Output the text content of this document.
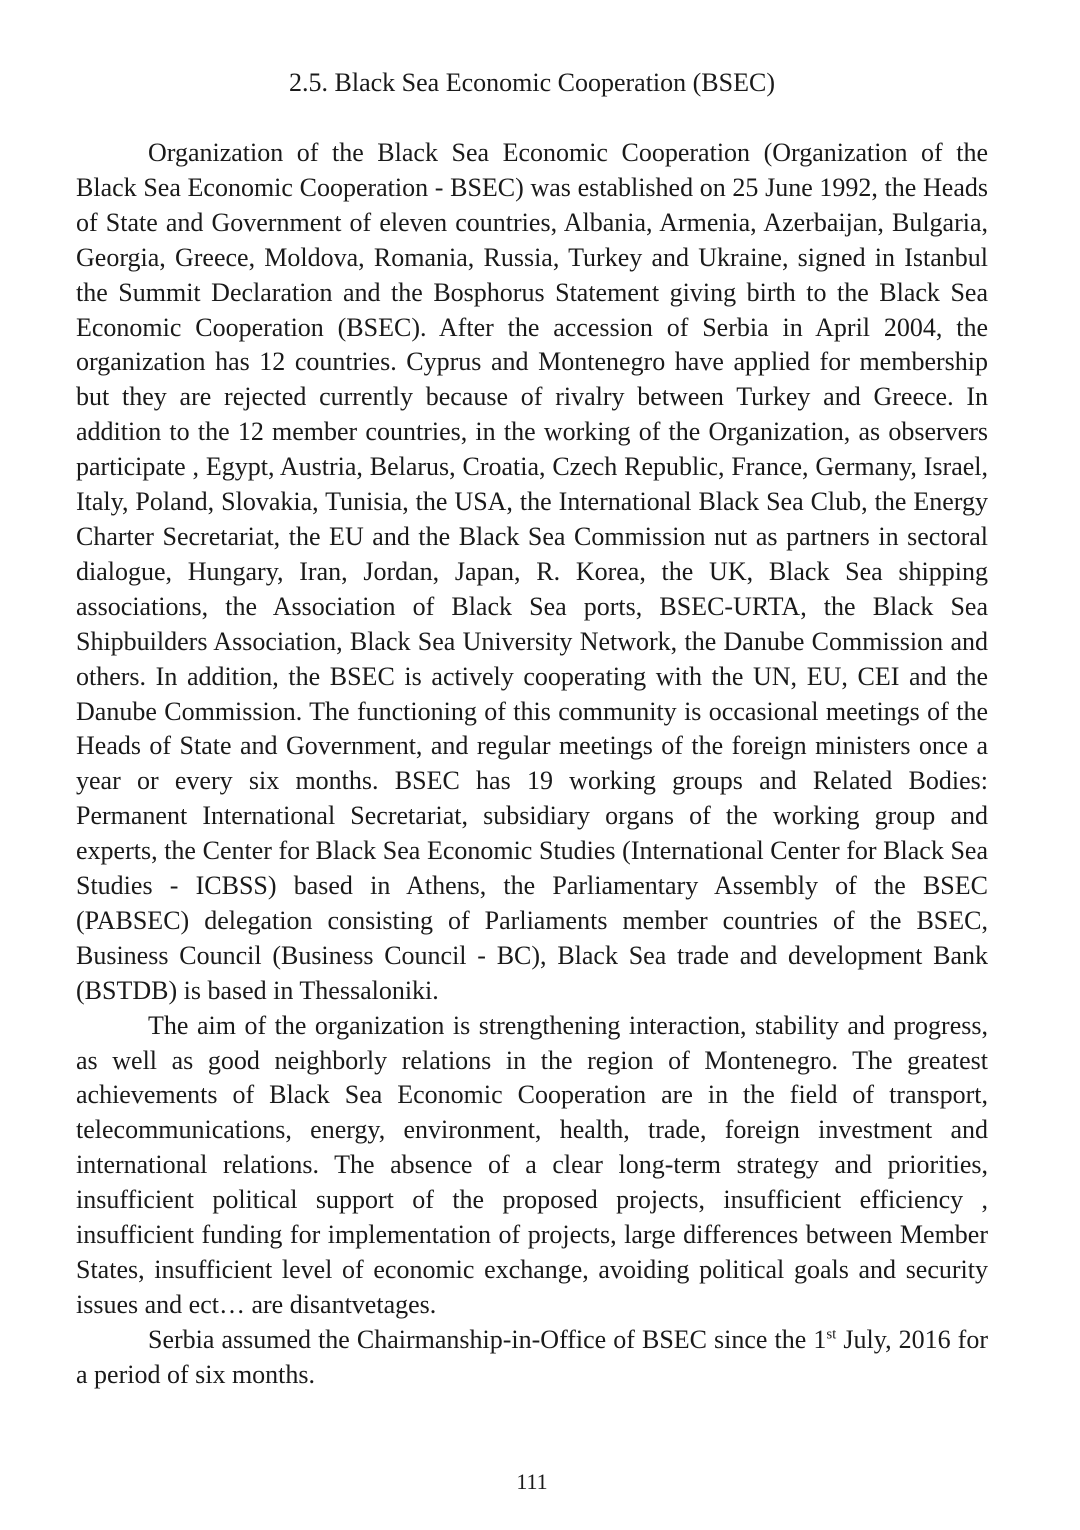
2.5. Black Sea Economic Cooperation (BSEC)

Organization of the Black Sea Economic Cooperation (Organization of the Black Sea Economic Cooperation - BSEC) was established on 25 June 1992, the Heads of State and Government of eleven countries, Albania, Armenia, Azerbaijan, Bulgaria, Georgia, Greece, Moldova, Romania, Russia, Turkey and Ukraine, signed in Istanbul the Summit Declaration and the Bosphorus Statement giving birth to the Black Sea Economic Cooperation (BSEC). After the accession of Serbia in April 2004, the organization has 12 countries. Cyprus and Montenegro have applied for membership but they are rejected currently because of rivalry between Turkey and Greece. In addition to the 12 member countries, in the working of the Organization, as observers participate , Egypt, Austria, Belarus, Croatia, Czech Republic, France, Germany, Israel, Italy, Poland, Slovakia, Tunisia, the USA, the International Black Sea Club, the Energy Charter Secretariat, the EU and the Black Sea Commission nut as partners in sectoral dialogue, Hungary, Iran, Jordan, Japan, R. Korea, the UK, Black Sea shipping associations, the Association of Black Sea ports, BSEC-URTA, the Black Sea Shipbuilders Association, Black Sea University Network, the Danube Commission and others. In addition, the BSEC is actively cooperating with the UN, EU, CEI and the Danube Commission. The functioning of this community is occasional meetings of the Heads of State and Government, and regular meetings of the foreign ministers once a year or every six months. BSEC has 19 working groups and Related Bodies: Permanent International Secretariat, subsidiary organs of the working group and experts, the Center for Black Sea Economic Studies (International Center for Black Sea Studies - ICBSS) based in Athens, the Parliamentary Assembly of the BSEC (PABSEC) delegation consisting of Parliaments member countries of the BSEC, Business Council (Business Council - BC), Black Sea trade and development Bank (BSTDB) is based in Thessaloniki.

The aim of the organization is strengthening interaction, stability and progress, as well as good neighborly relations in the region of Montenegro. The greatest achievements of Black Sea Economic Cooperation are in the field of transport, telecommunications, energy, environment, health, trade, foreign investment and international relations. The absence of a clear long-term strategy and priorities, insufficient political support of the proposed projects, insufficient efficiency , insufficient funding for implementation of projects, large differences between Member States, insufficient level of economic exchange, avoiding political goals and security issues and ect… are disantvetages.

Serbia assumed the Chairmanship-in-Office of BSEC since the 1st July, 2016 for a period of six months.

111
